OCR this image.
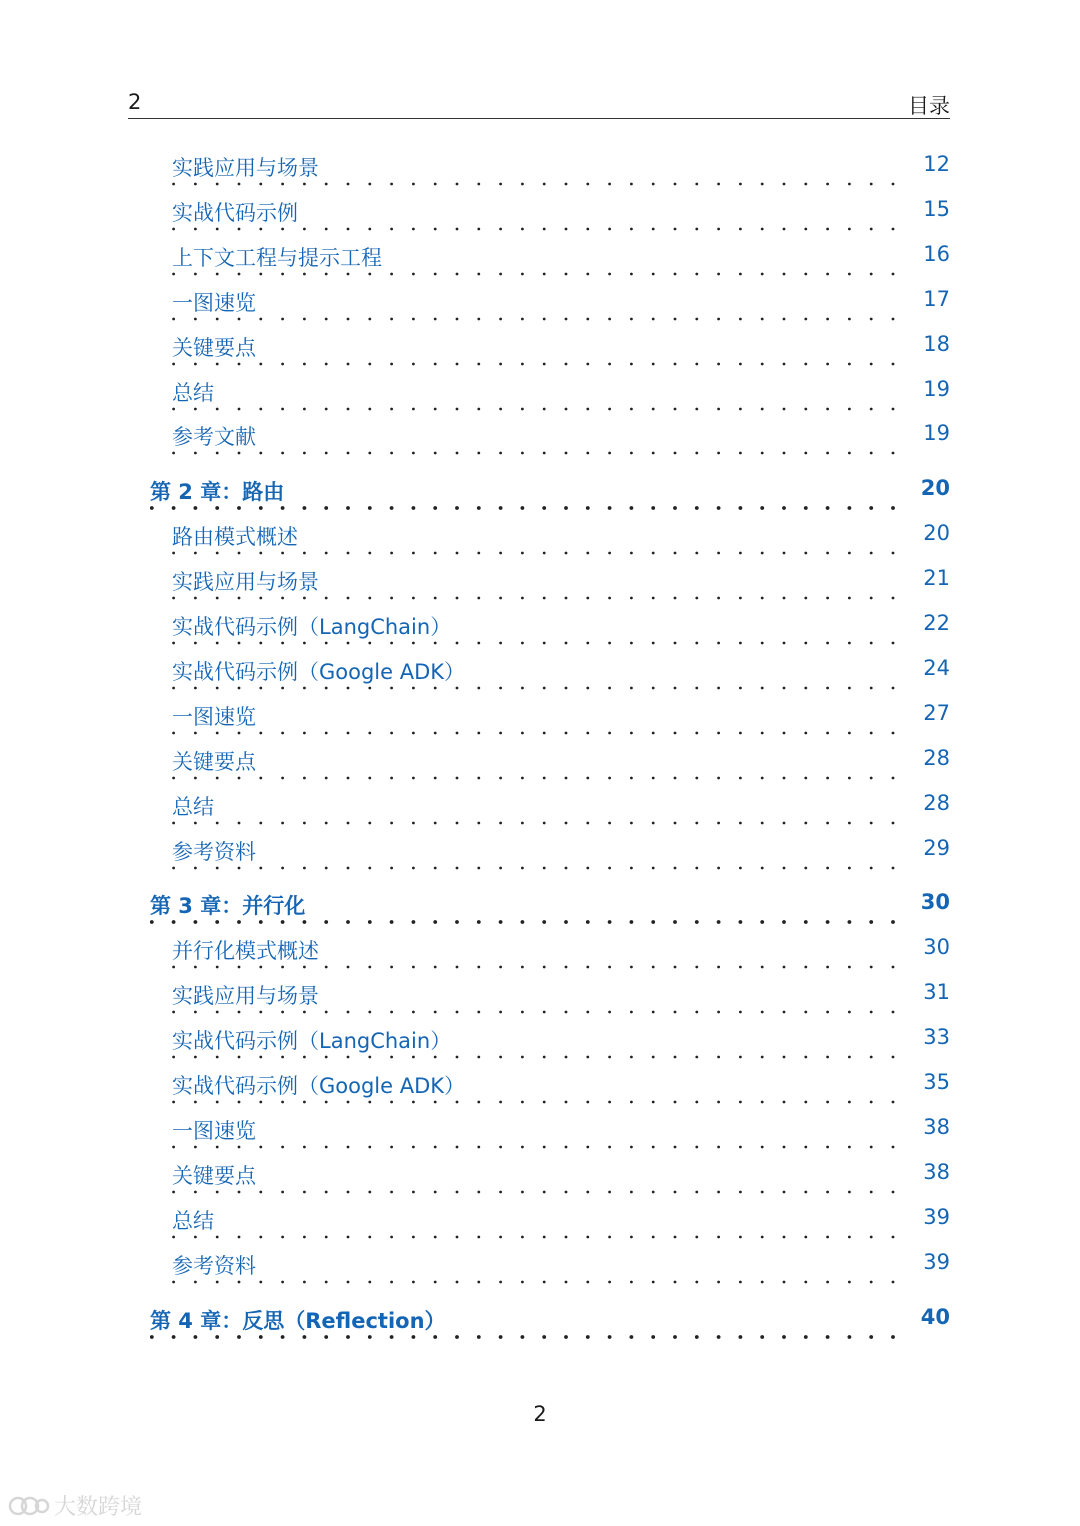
2	目录
实践应用与场景	12
实战代码示例	15
上下文工程与提示工程	16
一图速览	17
关键要点	18
总结	19
参考文献	19
第 2 章：路由	20
路由模式概述	20
实践应用与场景	21
实战代码示例（LangChain）	22
实战代码示例（Google ADK）	24
一图速览	27
关键要点	28
总结	28
参考资料	29
第 3 章：并行化	30
并行化模式概述	30
实践应用与场景	31
实战代码示例（LangChain）	33
实战代码示例（Google ADK）	35
一图速览	38
关键要点	38
总结	39
参考资料	39
第 4 章：反思（Reflection）	40
2
大数跨境
